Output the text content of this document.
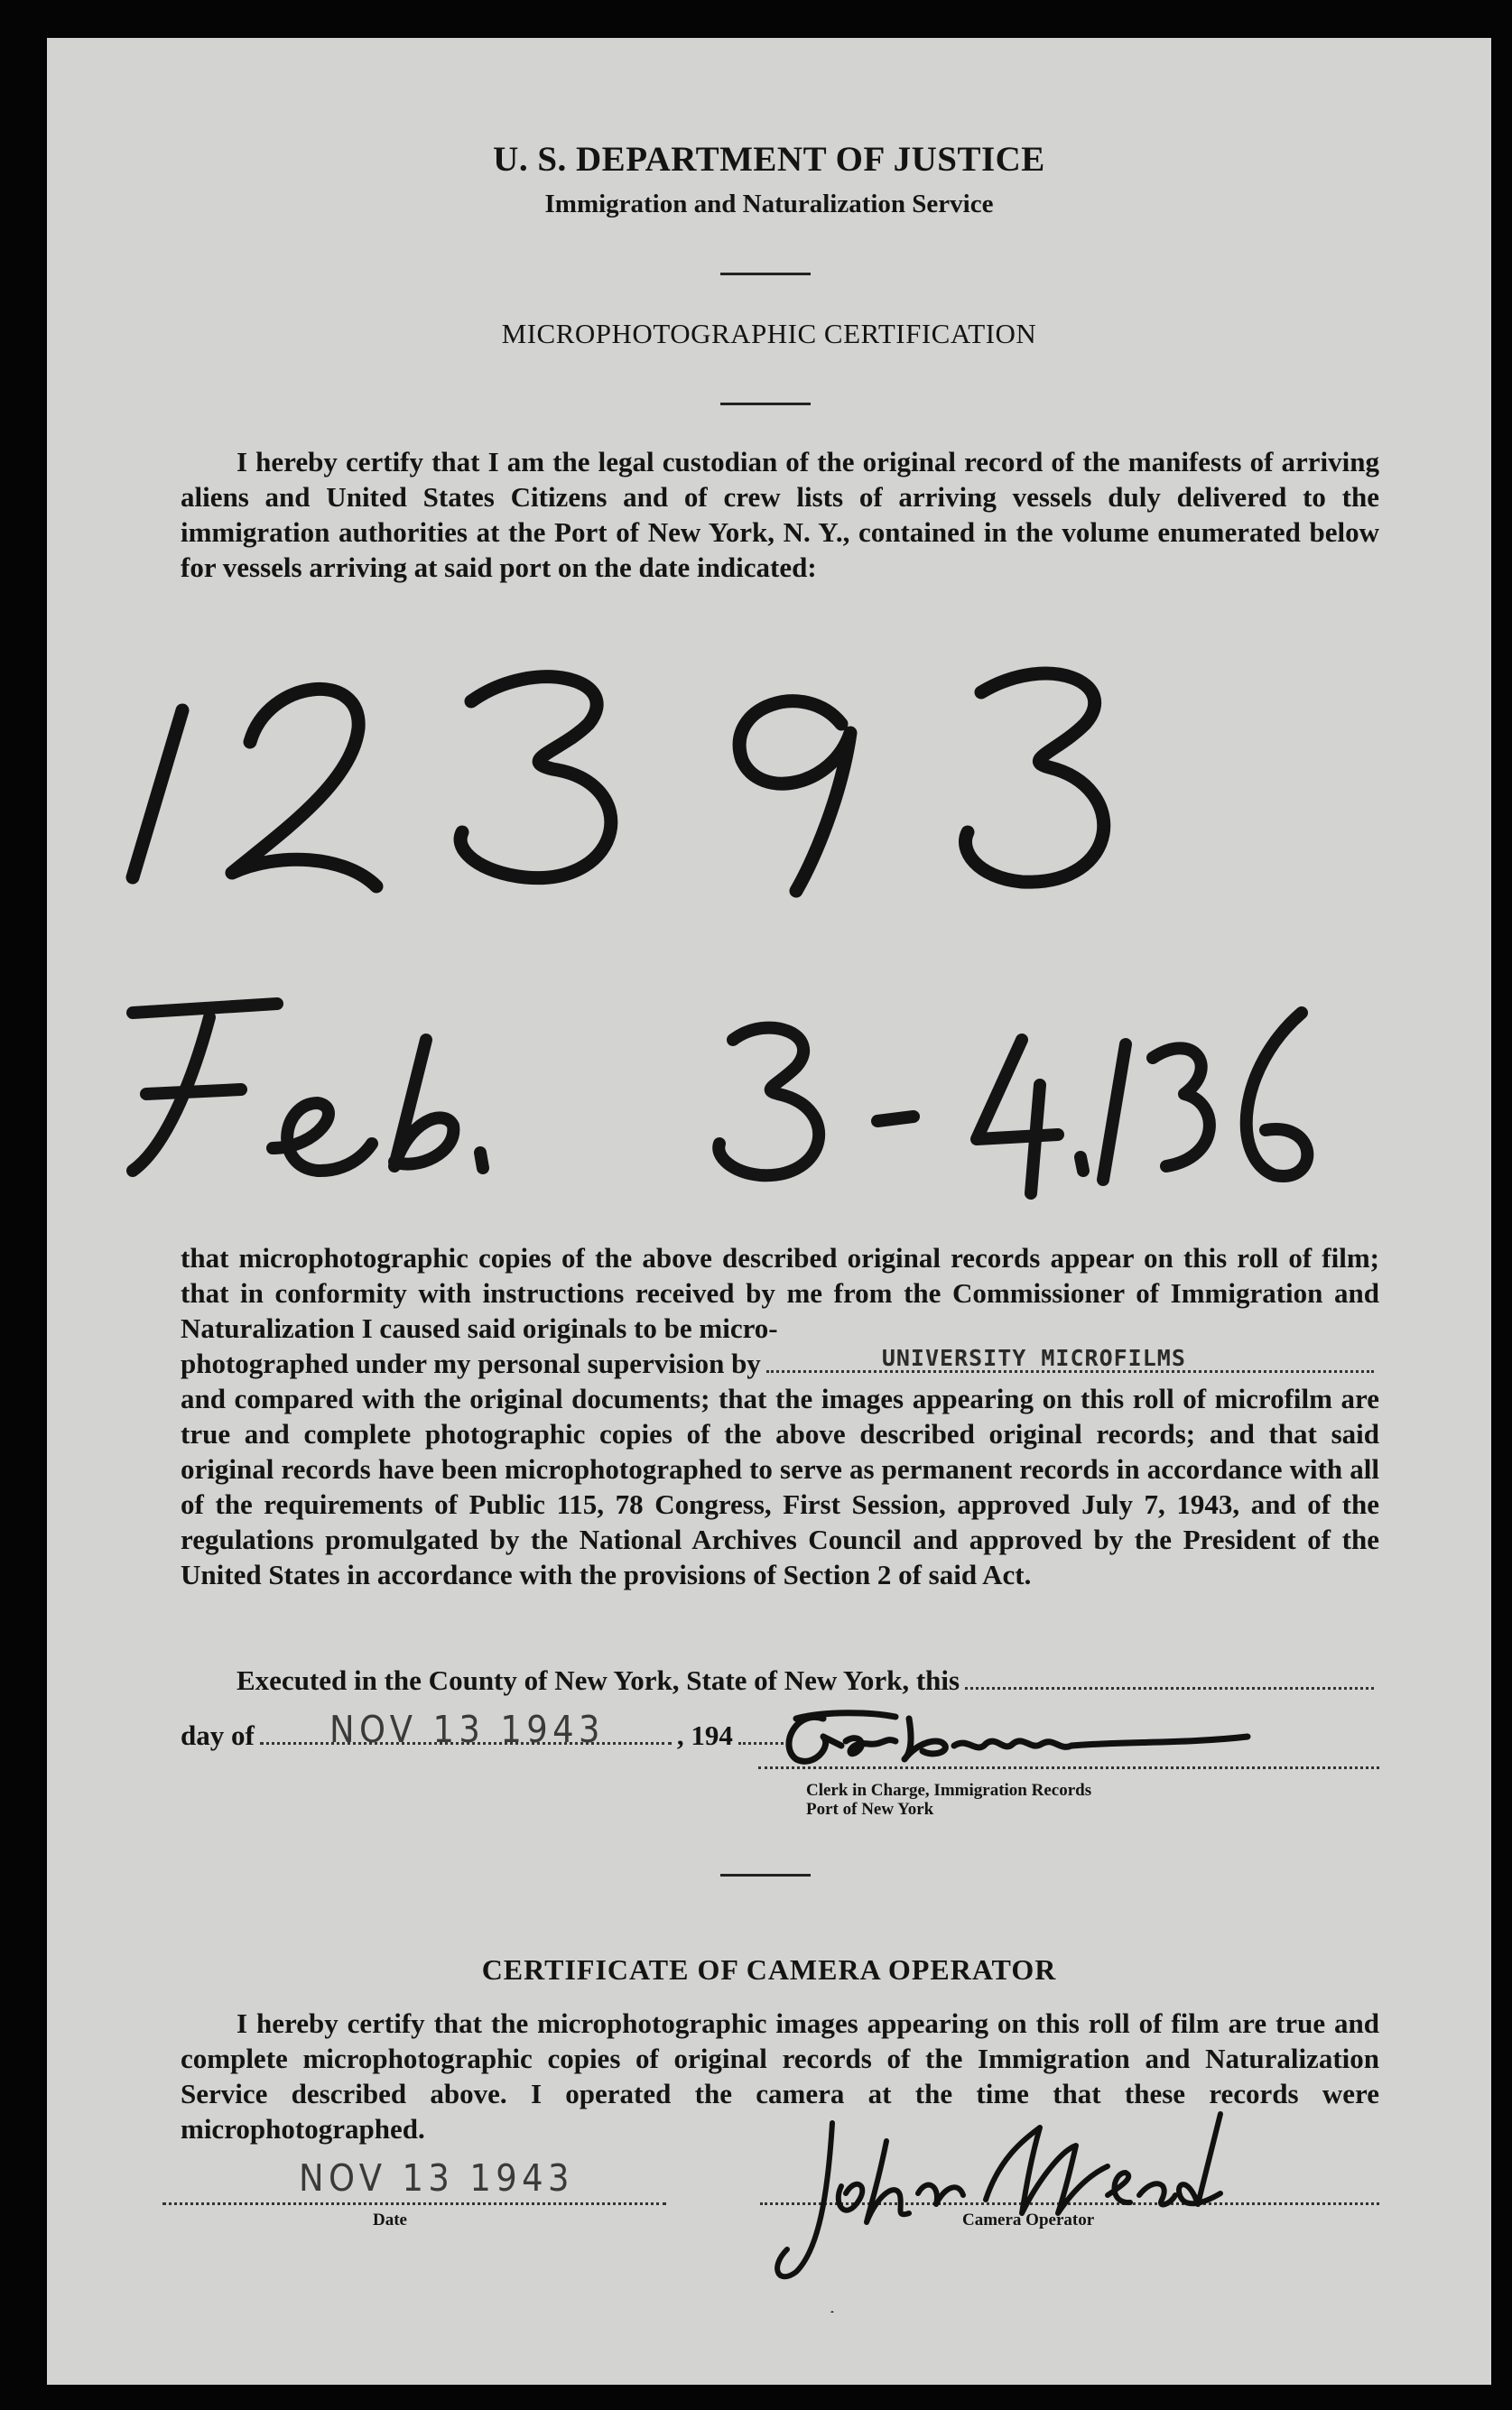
U. S. DEPARTMENT OF JUSTICE
Immigration and Naturalization Service
MICROPHOTOGRAPHIC CERTIFICATION

I hereby certify that I am the legal custodian of the original record of the manifests of arriving aliens and United States Citizens and of crew lists of arriving vessels duly delivered to the immigration authorities at the Port of New York, N. Y., contained in the volume enumerated below for vessels arriving at said port on the date indicated:

that microphotographic copies of the above described original records appear on this roll of film; that in conformity with instructions received by me from the Commissioner of Immigration and Naturalization I caused said originals to be micro-

photographed under my personal supervision by	UNIVERSITY MICROFILMS

and compared with the original documents; that the images appearing on this roll of microfilm are true and complete photographic copies of the above described original records; and that said original records have been microphotographed to serve as permanent records in accordance with all of the requirements of Public 115, 78 Congress, First Session, approved July 7, 1943, and of the regulations promulgated by the National Archives Council and approved by the President of the United States in accordance with the provisions of Section 2 of said Act.

Executed in the County of New York, State of New York, this
day of NOV 13 1943	, 194
Clerk in Charge, Immigration Records
Port of New York
CERTIFICATE OF CAMERA OPERATOR

I hereby certify that the microphotographic images appearing on this roll of film are true and complete microphotographic copies of original records of the Immigration and Naturalization Service described above. I operated the camera at the time that these records were microphotographed.

NOV 13 1943
Date	Camera Operator
